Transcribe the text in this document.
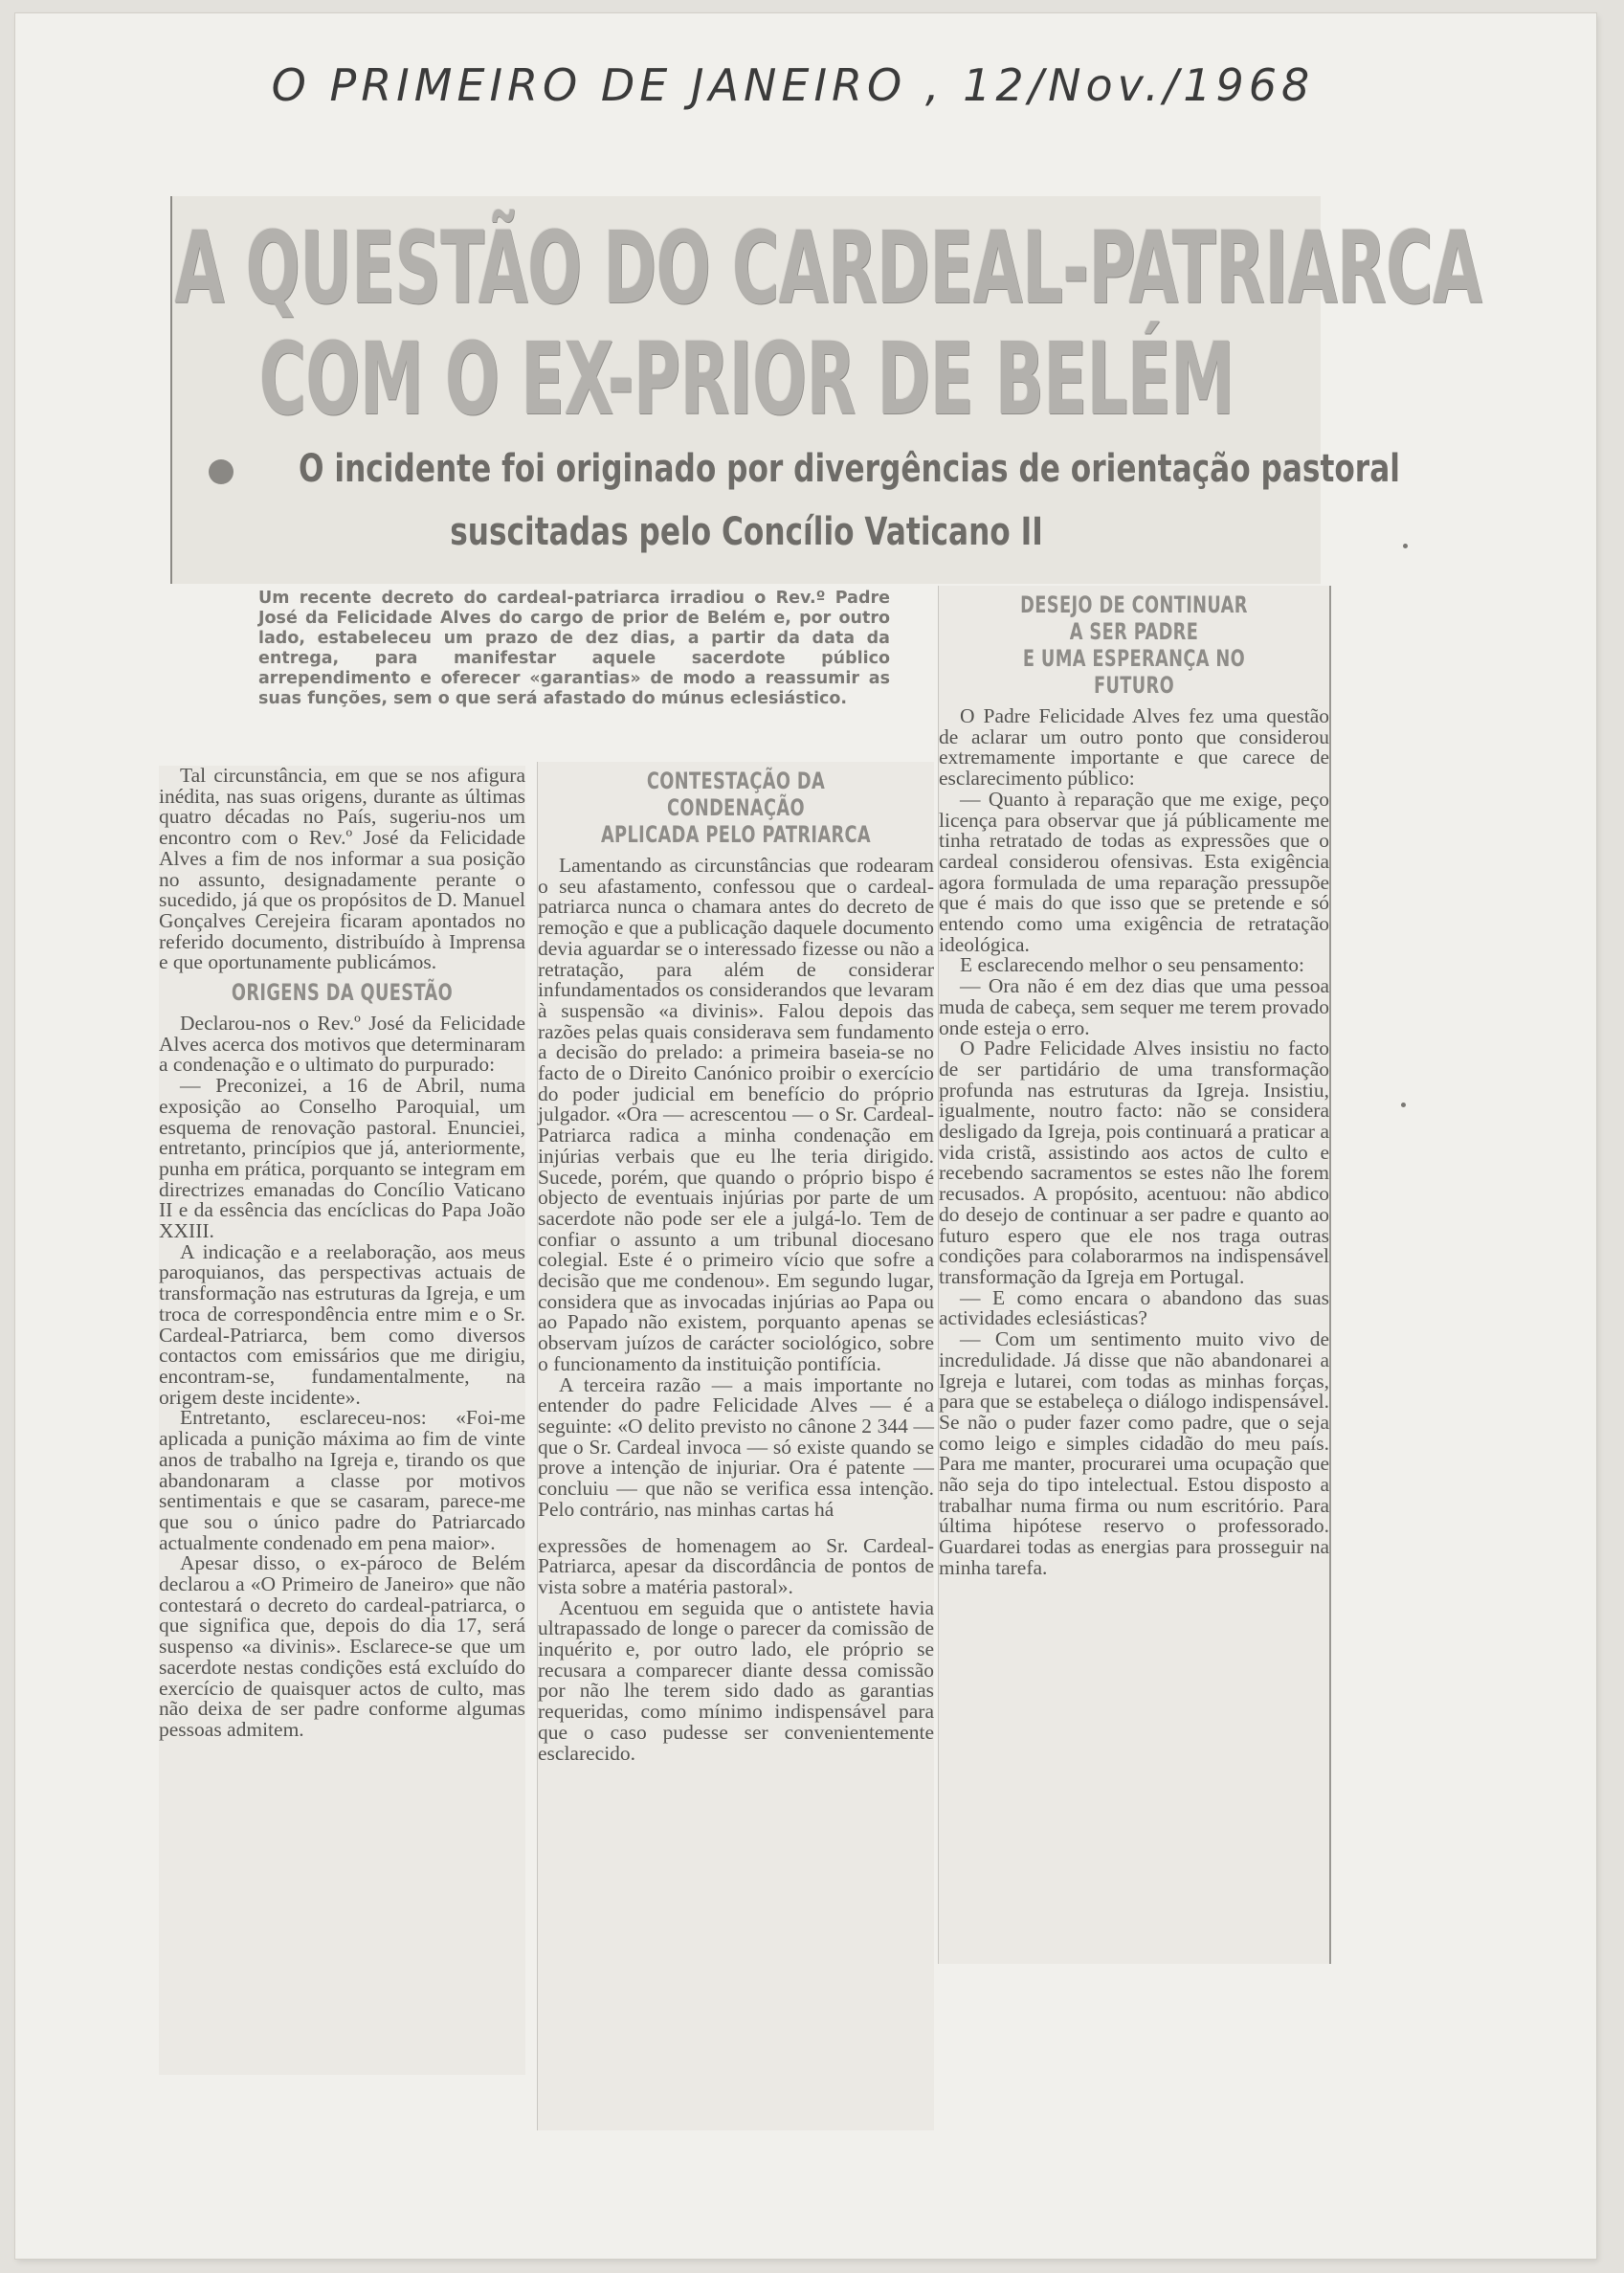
O PRIMEIRO DE JANEIRO , 12/Nov./1968
A QUESTÃO DO CARDEAL-PATRIARCA
COM O EX-PRIOR DE BELÉM
O incidente foi originado por divergências de orientação pastoral
suscitadas pelo Concílio Vaticano II
Um recente decreto do cardeal-patriarca irradiou o Rev.º Padre José da Felicidade Alves do cargo de prior de Belém e, por outro lado, estabeleceu um prazo de dez dias, a partir da data da entrega, para manifestar aquele sacerdote público arrependimento e oferecer «garantias» de modo a reassumir as suas funções, sem o que será afastado do múnus eclesiástico.

Tal circunstância, em que se nos afigura inédita, nas suas origens, durante as últimas quatro décadas no País, sugeriu-nos um encontro com o Rev.º José da Felicidade Alves a fim de nos informar a sua posição no assunto, designadamente perante o sucedido, já que os propósitos de D. Manuel Gonçalves Cerejeira ficaram apontados no referido documento, distribuído à Imprensa e que oportunamente publicámos.

ORIGENS DA QUESTÃO

Declarou-nos o Rev.º José da Felicidade Alves acerca dos motivos que determinaram a condenação e o ultimato do purpurado:

— Preconizei, a 16 de Abril, numa exposição ao Conselho Paroquial, um esquema de renovação pastoral. Enunciei, entretanto, princípios que já, anteriormente, punha em prática, porquanto se integram em directrizes emanadas do Concílio Vaticano II e da essência das encíclicas do Papa João XXIII.

A indicação e a reelaboração, aos meus paroquianos, das perspectivas actuais de transformação nas estruturas da Igreja, e um troca de correspondência entre mim e o Sr. Cardeal-Patriarca, bem como diversos contactos com emissários que me dirigiu, encontram-se, fundamentalmente, na origem deste incidente».

Entretanto, esclareceu-nos: «Foi-me aplicada a punição máxima ao fim de vinte anos de trabalho na Igreja e, tirando os que abandonaram a classe por motivos sentimentais e que se casaram, parece-me que sou o único padre do Patriarcado actualmente condenado em pena maior».

Apesar disso, o ex-pároco de Belém declarou a «O Primeiro de Janeiro» que não contestará o decreto do cardeal-patriarca, o que significa que, depois do dia 17, será suspenso «a divinis». Esclarece-se que um sacerdote nestas condições está excluído do exercício de quaisquer actos de culto, mas não deixa de ser padre conforme algumas pessoas admitem.

CONTESTAÇÃO DA CONDENAÇÃO
APLICADA PELO PATRIARCA

Lamentando as circunstâncias que rodearam o seu afastamento, confessou que o cardeal-patriarca nunca o chamara antes do decreto de remoção e que a publicação daquele documento devia aguardar se o interessado fizesse ou não a retratação, para além de considerar infundamentados os considerandos que levaram à suspensão «a divinis». Falou depois das razões pelas quais considerava sem fundamento a decisão do prelado: a primeira baseia-se no facto de o Direito Canónico proibir o exercício do poder judicial em benefício do próprio julgador. «Ora — acrescentou — o Sr. Cardeal-Patriarca radica a minha condenação em injúrias verbais que eu lhe teria dirigido. Sucede, porém, que quando o próprio bispo é objecto de eventuais injúrias por parte de um sacerdote não pode ser ele a julgá-lo. Tem de confiar o assunto a um tribunal diocesano colegial. Este é o primeiro vício que sofre a decisão que me condenou». Em segundo lugar, considera que as invocadas injúrias ao Papa ou ao Papado não existem, porquanto apenas se observam juízos de carácter sociológico, sobre o funcionamento da instituição pontifícia.

A terceira razão — a mais importante no entender do padre Felicidade Alves — é a seguinte: «O delito previsto no cânone 2 344 — que o Sr. Cardeal invoca — só existe quando se prove a intenção de injuriar. Ora é patente — concluiu — que não se verifica essa intenção. Pelo contrário, nas minhas cartas há

expressões de homenagem ao Sr. Cardeal-Patriarca, apesar da discordância de pontos de vista sobre a matéria pastoral».

Acentuou em seguida que o antistete havia ultrapassado de longe o parecer da comissão de inquérito e, por outro lado, ele próprio se recusara a comparecer diante dessa comissão por não lhe terem sido dado as garantias requeridas, como mínimo indispensável para que o caso pudesse ser convenientemente esclarecido.

DESEJO DE CONTINUAR
A SER PADRE
E UMA ESPERANÇA NO FUTURO

O Padre Felicidade Alves fez uma questão de aclarar um outro ponto que considerou extremamente importante e que carece de esclarecimento público:

— Quanto à reparação que me exige, peço licença para observar que já públicamente me tinha retratado de todas as expressões que o cardeal considerou ofensivas. Esta exigência agora formulada de uma reparação pressupõe que é mais do que isso que se pretende e só entendo como uma exigência de retratação ideológica.

E esclarecendo melhor o seu pensamento:

— Ora não é em dez dias que uma pessoa muda de cabeça, sem sequer me terem provado onde esteja o erro.

O Padre Felicidade Alves insistiu no facto de ser partidário de uma transformação profunda nas estruturas da Igreja. Insistiu, igualmente, noutro facto: não se considera desligado da Igreja, pois continuará a praticar a vida cristã, assistindo aos actos de culto e recebendo sacramentos se estes não lhe forem recusados. A propósito, acentuou: não abdico do desejo de continuar a ser padre e quanto ao futuro espero que ele nos traga outras condições para colaborarmos na indispensável transformação da Igreja em Portugal.

— E como encara o abandono das suas actividades eclesiásticas?

— Com um sentimento muito vivo de incredulidade. Já disse que não abandonarei a Igreja e lutarei, com todas as minhas forças, para que se estabeleça o diálogo indispensável. Se não o puder fazer como padre, que o seja como leigo e simples cidadão do meu país. Para me manter, procurarei uma ocupação que não seja do tipo intelectual. Estou disposto a trabalhar numa firma ou num escritório. Para última hipótese reservo o professorado. Guardarei todas as energias para prosseguir na minha tarefa.
